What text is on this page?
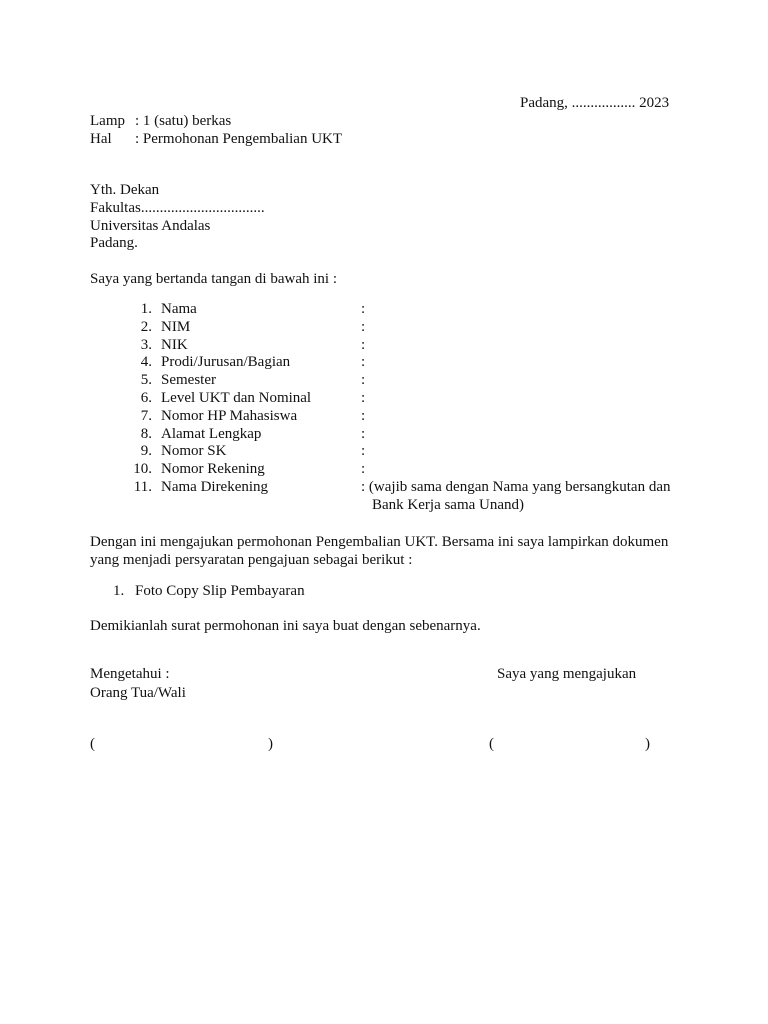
Padang, ................. 2023
Lamp : 1 (satu) berkas
Hal : Permohonan Pengembalian UKT
Yth. Dekan
Fakultas.................................
Universitas Andalas
Padang.
Saya yang bertanda tangan di bawah ini :
1. Nama	:
2. NIM	:
3. NIK	:
4. Prodi/Jurusan/Bagian	:
5. Semester	:
6. Level UKT dan Nominal	:
7. Nomor HP Mahasiswa	:
8. Alamat Lengkap	:
9. Nomor SK	:
10. Nomor Rekening	:
11. Nama Direkening	: (wajib sama dengan Nama yang bersangkutan dan
Bank Kerja sama Unand)
Dengan ini mengajukan permohonan Pengembalian UKT. Bersama ini saya lampirkan dokumen
yang menjadi persyaratan pengajuan sebagai berikut :
1. Foto Copy Slip Pembayaran
Demikianlah surat permohonan ini saya buat dengan sebenarnya.
Mengetahui :
Orang Tua/Wali
Saya yang mengajukan
(	)	(	)
